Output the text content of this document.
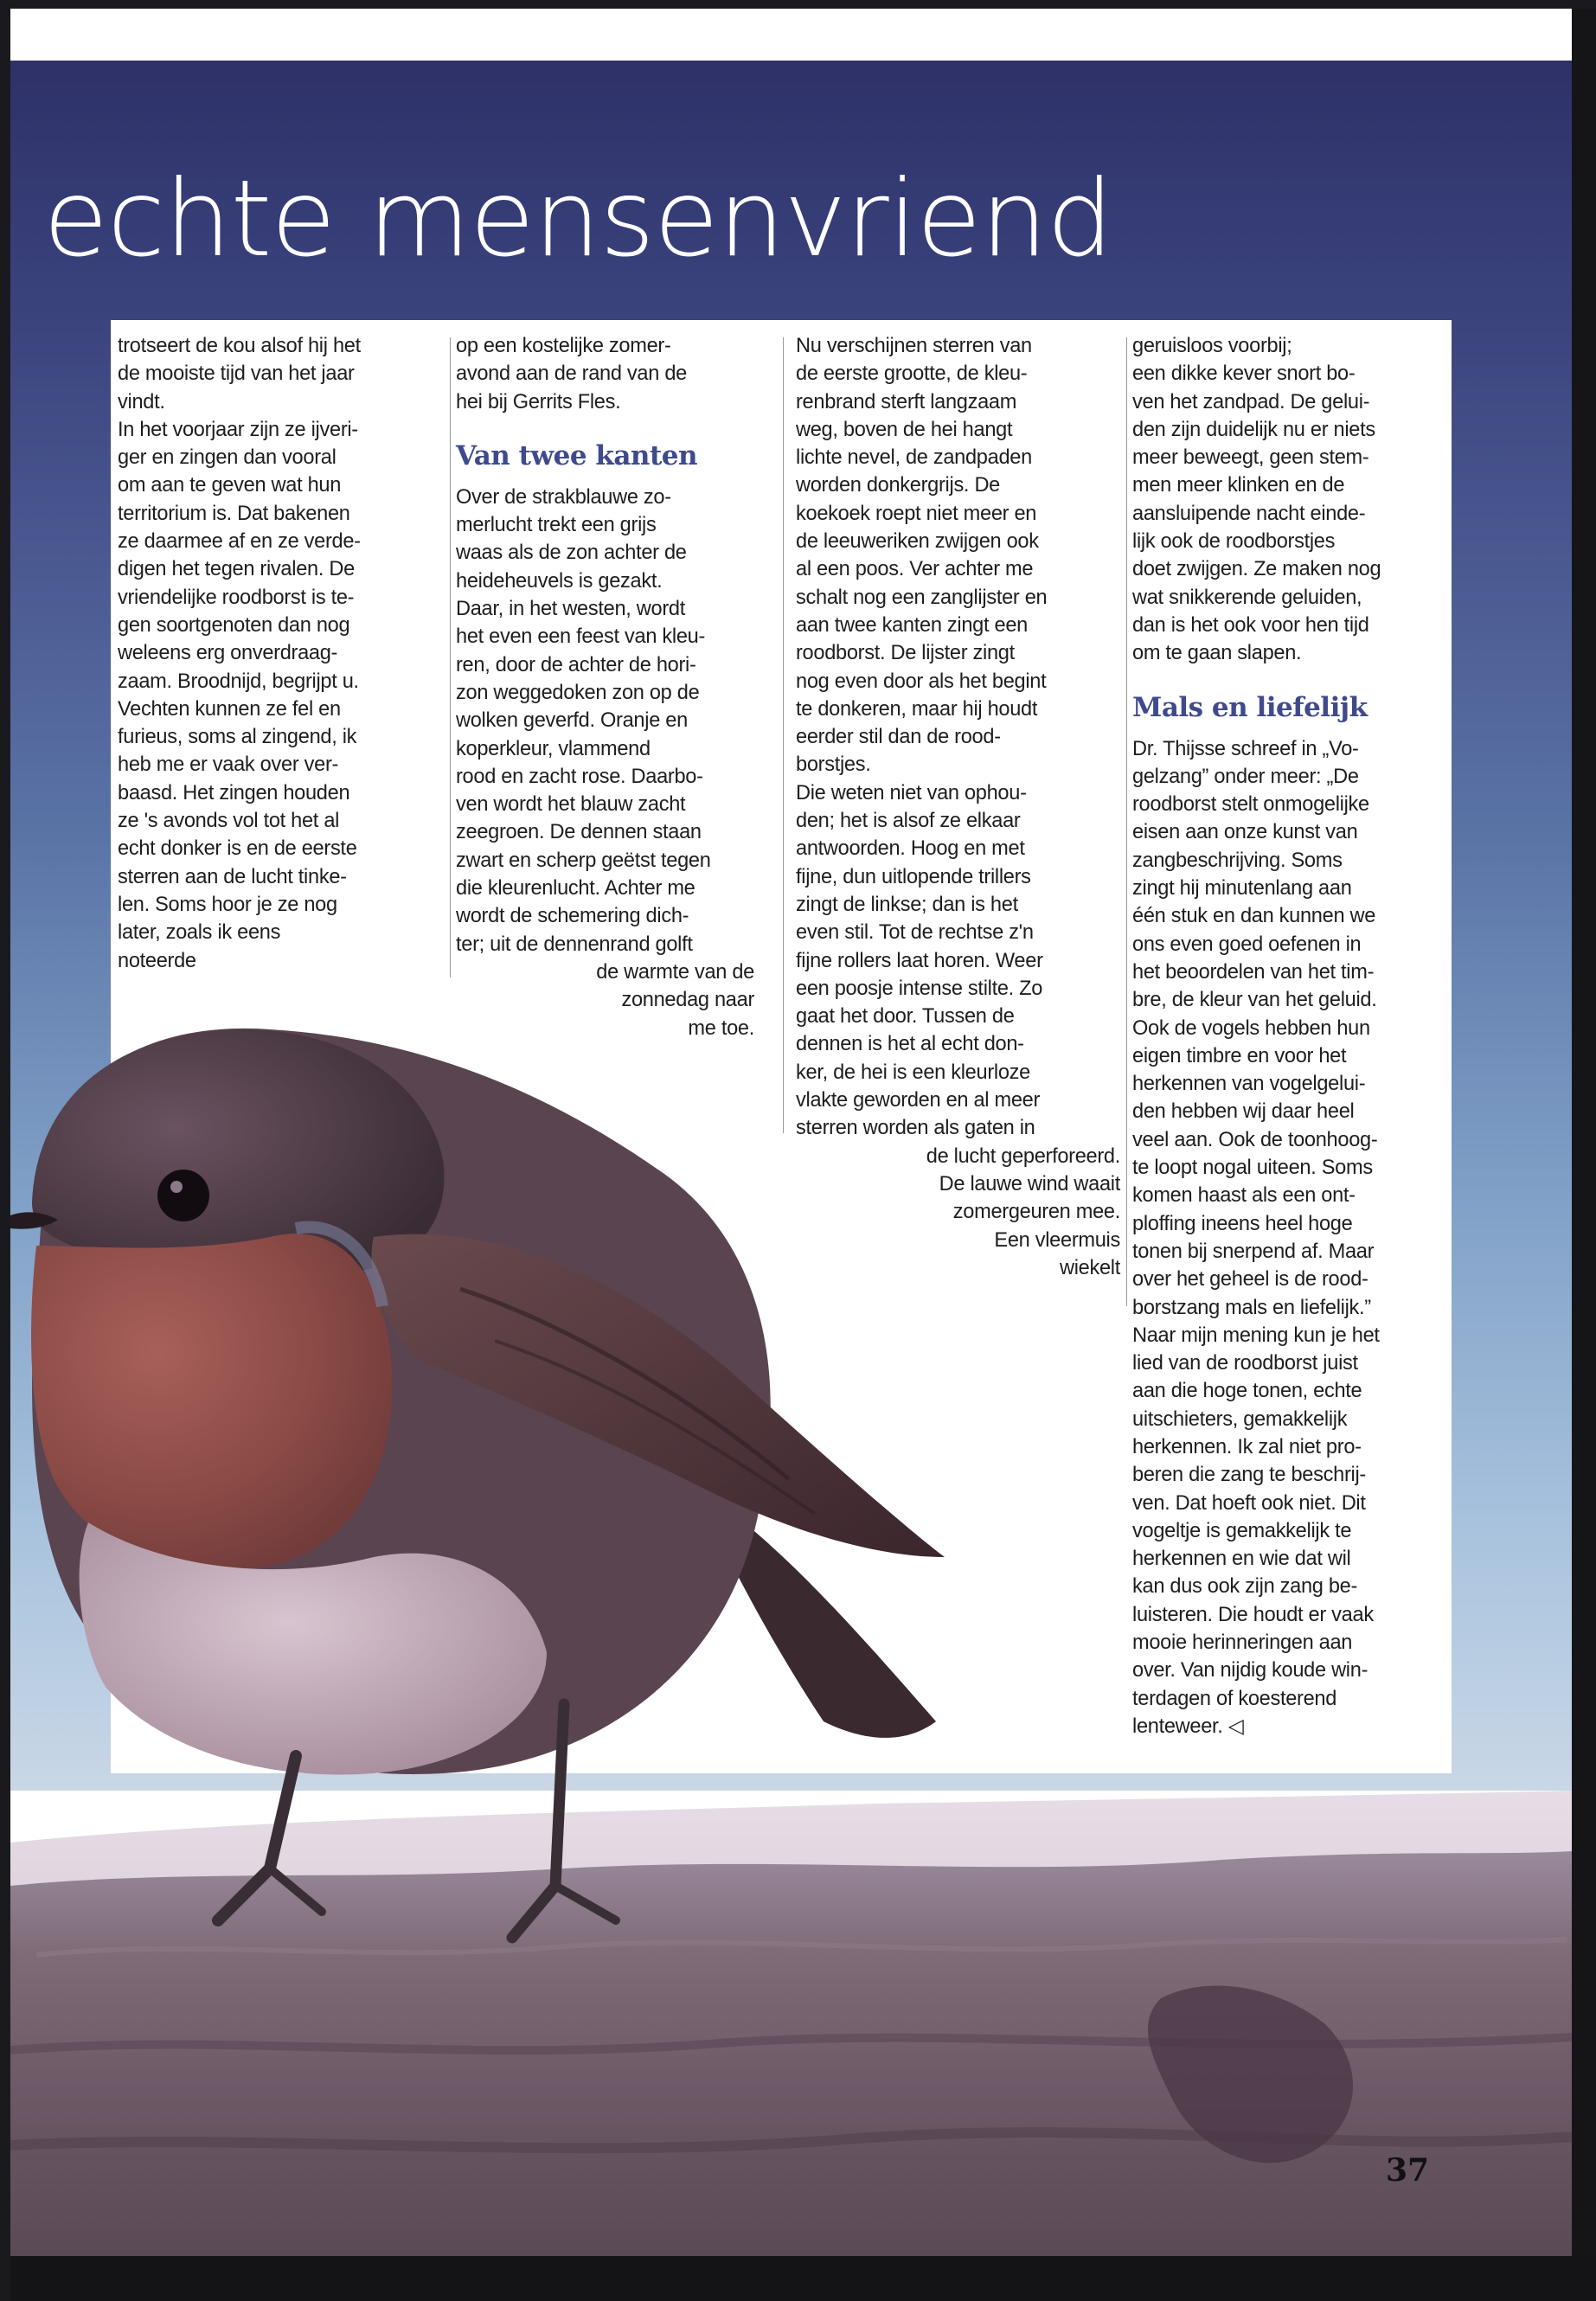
echte mensenvriend

trotseert de kou alsof hij het
de mooiste tijd van het jaar
vindt.

In het voorjaar zijn ze ijveri-
ger en zingen dan vooral
om aan te geven wat hun
territorium is. Dat bakenen
ze daarmee af en ze verde-
digen het tegen rivalen. De
vriendelijke roodborst is te-
gen soortgenoten dan nog
weleens erg onverdraag-
zaam. Broodnijd, begrijpt u.
Vechten kunnen ze fel en
furieus, soms al zingend, ik
heb me er vaak over ver-
baasd. Het zingen houden
ze 's avonds vol tot het al
echt donker is en de eerste
sterren aan de lucht tinke-
len. Soms hoor je ze nog
later, zoals ik eens
noteerde

op een kostelijke zomer-
avond aan de rand van de
hei bij Gerrits Fles.

Van twee kanten

Over de strakblauwe zo-
merlucht trekt een grijs
waas als de zon achter de
heideheuvels is gezakt.
Daar, in het westen, wordt
het even een feest van kleu-
ren, door de achter de hori-
zon weggedoken zon op de
wolken geverfd. Oranje en
koperkleur, vlammend
rood en zacht rose. Daarbo-
ven wordt het blauw zacht
zeegroen. De dennen staan
zwart en scherp geëtst tegen
die kleurenlucht. Achter me
wordt de schemering dich-
ter; uit de dennenrand golft

de warmte van de
zonnedag naar
me toe.

Nu verschijnen sterren van
de eerste grootte, de kleu-
renbrand sterft langzaam
weg, boven de hei hangt
lichte nevel, de zandpaden
worden donkergrijs. De
koekoek roept niet meer en
de leeuweriken zwijgen ook
al een poos. Ver achter me
schalt nog een zanglijster en
aan twee kanten zingt een
roodborst. De lijster zingt
nog even door als het begint
te donkeren, maar hij houdt
eerder stil dan de rood-
borstjes.

Die weten niet van ophou-
den; het is alsof ze elkaar
antwoorden. Hoog en met
fijne, dun uitlopende trillers
zingt de linkse; dan is het
even stil. Tot de rechtse z'n
fijne rollers laat horen. Weer
een poosje intense stilte. Zo
gaat het door. Tussen de
dennen is het al echt don-
ker, de hei is een kleurloze
vlakte geworden en al meer
sterren worden als gaten in

de lucht geperforeerd.
De lauwe wind waait
zomergeuren mee.
Een vleermuis
wiekelt

geruisloos voorbij;
een dikke kever snort bo-
ven het zandpad. De gelui-
den zijn duidelijk nu er niets
meer beweegt, geen stem-
men meer klinken en de
aansluipende nacht einde-
lijk ook de roodborstjes
doet zwijgen. Ze maken nog
wat snikkerende geluiden,
dan is het ook voor hen tijd
om te gaan slapen.

Mals en liefelijk

Dr. Thijsse schreef in „Vo-
gelzang” onder meer: „De
roodborst stelt onmogelijke
eisen aan onze kunst van
zangbeschrijving. Soms
zingt hij minutenlang aan
één stuk en dan kunnen we
ons even goed oefenen in
het beoordelen van het tim-
bre, de kleur van het geluid.
Ook de vogels hebben hun
eigen timbre en voor het
herkennen van vogelgelui-
den hebben wij daar heel
veel aan. Ook de toonhoog-
te loopt nogal uiteen. Soms
komen haast als een ont-
ploffing ineens heel hoge
tonen bij snerpend af. Maar
over het geheel is de rood-
borstzang mals en liefelijk.”
Naar mijn mening kun je het
lied van de roodborst juist
aan die hoge tonen, echte
uitschieters, gemakkelijk
herkennen. Ik zal niet pro-
beren die zang te beschrij-
ven. Dat hoeft ook niet. Dit
vogeltje is gemakkelijk te
herkennen en wie dat wil
kan dus ook zijn zang be-
luisteren. Die houdt er vaak
mooie herinneringen aan
over. Van nijdig koude win-
terdagen of koesterend
lenteweer. ◁

37
